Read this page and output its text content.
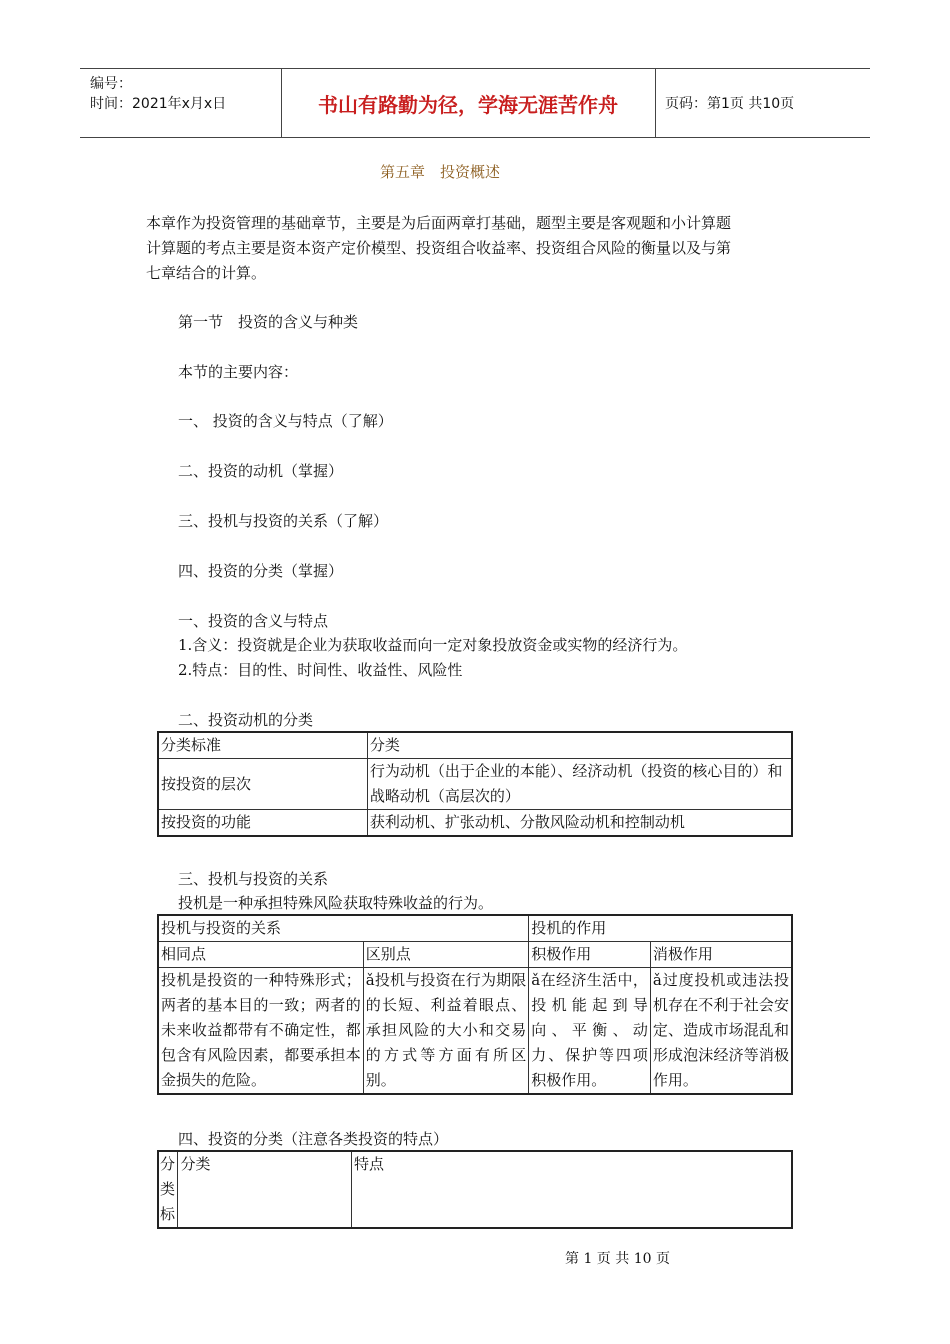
编号：
时间：2021年x月x日	书山有路勤为径，学海无涯苦作舟	页码：第1页 共10页
第五章　投资概述
本章作为投资管理的基础章节，主要是为后面两章打基础，题型主要是客观题和小计算题
计算题的考点主要是资本资产定价模型、投资组合收益率、投资组合风险的衡量以及与第
七章结合的计算。
第一节　投资的含义与种类
本节的主要内容：
一、 投资的含义与特点（了解）
二、投资的动机（掌握）
三、投机与投资的关系（了解）
四、投资的分类（掌握）
一、投资的含义与特点
1.含义：投资就是企业为获取收益而向一定对象投放资金或实物的经济行为。
2.特点：目的性、时间性、收益性、风险性
二、投资动机的分类
分类标准	分类
按投资的层次	行为动机（出于企业的本能）、经济动机（投资的核心目的）和战略动机（高层次的）
按投资的功能	获利动机、扩张动机、分散风险动机和控制动机
三、投机与投资的关系
投机是一种承担特殊风险获取特殊收益的行为。
投机与投资的关系		投机的作用	
相同点	区别点	积极作用	消极作用
投机是投资的一种特殊形式；两者的基本目的一致；两者的未来收益都带有不确定性，都包含有风险因素，都要承担本金损失的危险。	ǎ投机与投资在行为期限的长短、利益着眼点、承担风险的大小和交易的方式等方面有所区别。	ǎ在经济生活中，投机能起到导向、平衡、动力、保护等四项积极作用。	ǎ过度投机或违法投机存在不利于社会安定、造成市场混乱和形成泡沫经济等消极作用。
四、投资的分类（注意各类投资的特点）
分类标	分类	特点
第 1 页 共 10 页
